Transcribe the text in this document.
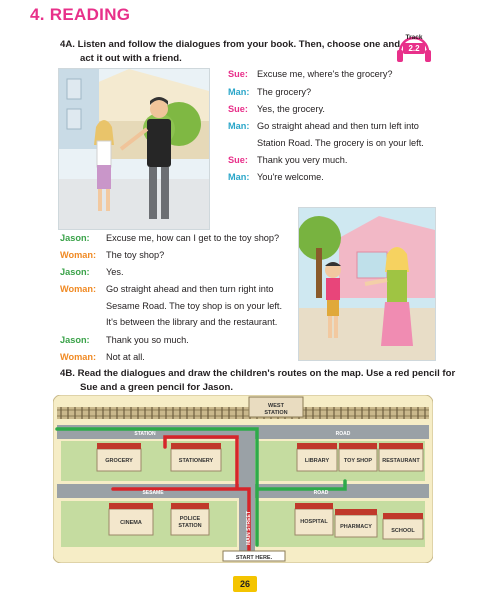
4. READING
4A. Listen and follow the dialogues from your book. Then, choose one and
act it out with a friend.
Track
2.2
Sue: Excuse me, where's the grocery?
Man: The grocery?
Sue: Yes, the grocery.
Man: Go straight ahead and then turn left into
Station Road. The grocery is on your left.
Sue: Thank you very much.
Man: You're welcome.
Jason: Excuse me, how can I get to the toy shop?
Woman: The toy shop?
Jason: Yes.
Woman: Go straight ahead and then turn right into
Sesame Road. The toy shop is on your left.
It's between the library and the restaurant.
Jason: Thank you so much.
Woman: Not at all.
4B. Read the dialogues and draw the children's routes on the map. Use a red pencil for
Sue and a green pencil for Jason.
WEST
STATION
STATION	ROAD
SESAME	ROAD
MAIN STREET
START HERE.
GROCERY	STATIONERY	LIBRARY	TOY SHOP RESTAURANT
CINEMA
POLICE
STATION
HOSPITAL
PHARMACY
SCHOOL
26
